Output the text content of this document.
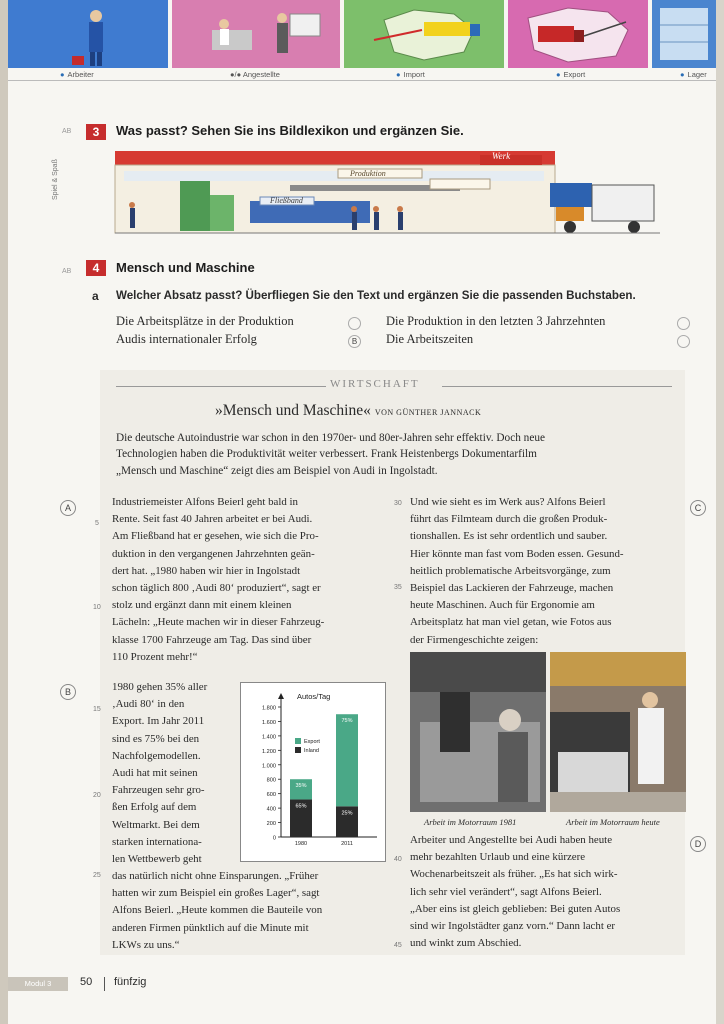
● Arbeiter	●/● Angestellte	● Import	● Export	● Lager
Spiel & Spaß
AB	3	Was passt? Sehen Sie ins Bildlexikon und ergänzen Sie.
Werk
Produktion
Fließband
AB	4	Mensch und Maschine
a Welcher Absatz passt? Überfliegen Sie den Text und ergänzen Sie die passenden Buchstaben.
Die Arbeitsplätze in der Produktion
Audis internationaler Erfolg	B
Die Produktion in den letzten 3 Jahrzehnten
Die Arbeitszeiten
WIRTSCHAFT
»Mensch und Maschine« VON GÜNTHER JANNACK
Die deutsche Autoindustrie war schon in den 1970er- und 80er-Jahren sehr effektiv. Doch neue
Technologien haben die Produktivität weiter verbessert. Frank Heistenbergs Dokumentarfilm
„Mensch und Maschine“ zeigt dies am Beispiel von Audi in Ingolstadt.
A	Industriemeister Alfons Beierl geht bald in
Rente. Seit fast 40 Jahren arbeitet er bei Audi.
Am Fließband hat er gesehen, wie sich die Pro-
duktion in den vergangenen Jahrzehnten geän-
dert hat. „1980 haben wir hier in Ingolstadt
schon täglich 800 ‚Audi 80‘ produziert“, sagt er
stolz und ergänzt dann mit einem kleinen
Lächeln: „Heute machen wir in dieser Fahrzeug-
klasse 1700 Fahrzeuge am Tag. Das sind über
110 Prozent mehr!“
5
10
B	1980 gehen 35% aller
‚Audi 80‘ in den
Export. Im Jahr 2011
sind es 75% bei den
Nachfolgemodellen.
Audi hat mit seinen
Fahrzeugen sehr gro-
ßen Erfolg auf dem
Weltmarkt. Bei dem
starken internationa-
len Wettbewerb geht
das natürlich nicht ohne Einsparungen. „Früher
hatten wir zum Beispiel ein großes Lager“, sagt
Alfons Beierl. „Heute kommen die Bauteile von
anderen Firmen pünktlich auf die Minute mit
LKWs zu uns.“
15
20
25
Autos/Tag
0
200
400
600
800
1.000
1.200
1.400
1.600
1.800
65%
35%
1980
25%
75%
2011
Export
Inland
C
Und wie sieht es im Werk aus? Alfons Beierl
führt das Filmteam durch die großen Produk-
tionshallen. Es ist sehr ordentlich und sauber.
Hier könnte man fast vom Boden essen. Gesund-
heitlich problematische Arbeitsvorgänge, zum
Beispiel das Lackieren der Fahrzeuge, machen
heute Maschinen. Auch für Ergonomie am
Arbeitsplatz hat man viel getan, wie Fotos aus
der Firmengeschichte zeigen:
30
35
Arbeit im Motorraum 1981	Arbeit im Motorraum heute
D
Arbeiter und Angestellte bei Audi haben heute
mehr bezahlten Urlaub und eine kürzere
Wochenarbeitszeit als früher. „Es hat sich wirk-
lich sehr viel verändert“, sagt Alfons Beierl.
„Aber eins ist gleich geblieben: Bei guten Autos
sind wir Ingolstädter ganz vorn.“ Dann lacht er
und winkt zum Abschied.
40
45
Modul 3	50 fünfzig
